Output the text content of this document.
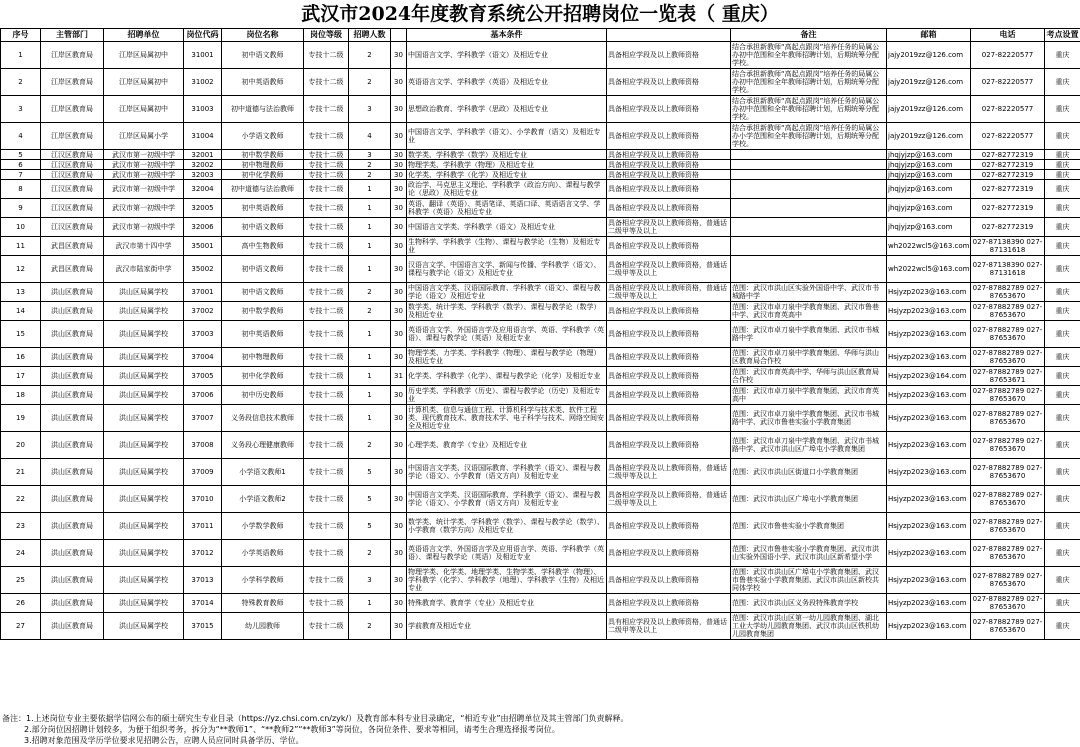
武汉市2024年度教育系统公开招聘岗位一览表（ 重庆）
序号	主管部门	招聘单位	岗位代码	岗位名称	岗位等级	招聘人数		基本条件		备注	邮箱	电话	考点设置
1	江岸区教育局	江岸区局属初中	31001	初中语文教师	专技十二级	2	30	中国语言文学、学科教学（语文）及相近专业	具备相应学段及以上教师资格	结合承担新教师“高起点跟岗”培养任务的局属公办初中范围和全年教师招聘计划，后期统筹分配学校。	jajy2019zz@126.com	027-82220577	重庆
2	江岸区教育局	江岸区局属初中	31002	初中英语教师	专技十二级	2	30	英语语言文学、学科教学（英语）及相近专业	具备相应学段及以上教师资格	结合承担新教师“高起点跟岗”培养任务的局属公办初中范围和全年教师招聘计划，后期统筹分配学校。	jajy2019zz@126.com	027-82220577	重庆
3	江岸区教育局	江岸区局属初中	31003	初中道德与法治教师	专技十二级	3	30	思想政治教育、学科教学（思政）及相近专业	具备相应学段及以上教师资格	结合承担新教师“高起点跟岗”培养任务的局属公办初中范围和全年教师招聘计划，后期统筹分配学校。	jajy2019zz@126.com	027-82220577	重庆
4	江岸区教育局	江岸区局属小学	31004	小学语文教师	专技十二级	4	30	中国语言文学、学科教学（语文）、小学教育（语文）及相近专业	具备相应学段及以上教师资格	结合承担新教师“高起点跟岗”培养任务的局属公办小学范围和全年教师招聘计划，后期统筹分配学校。	jajy2019zz@126.com	027-82220577	重庆
5	江汉区教育局	武汉市第一初级中学	32001	初中数学教师	专技十二级	3	30	数学类、学科教学（数学）及相近专业	具备相应学段及以上教师资格		jhqjyjzp@163.com	027-82772319	重庆
6	江汉区教育局	武汉市第一初级中学	32002	初中物理教师	专技十二级	2	30	物理学类、学科教学（物理）及相近专业	具备相应学段及以上教师资格		jhqjyjzp@163.com	027-82772319	重庆
7	江汉区教育局	武汉市第一初级中学	32003	初中化学教师	专技十二级	2	30	化学类、学科教学（化学）及相近专业	具备相应学段及以上教师资格		jhqjyjzp@163.com	027-82772319	重庆
8	江汉区教育局	武汉市第一初级中学	32004	初中道德与法治教师	专技十二级	1	30	政治学、马克思主义理论、学科教学（政治方向）、课程与教学论（思政）及相近专业	具备相应学段及以上教师资格		jhqjyjzp@163.com	027-82772319	重庆
9	江汉区教育局	武汉市第一初级中学	32005	初中英语教师	专技十二级	1	30	英语、翻译（英语）、英语笔译、英语口译、英语语言文学、学科教学（英语）及相近专业	具备相应学段及以上教师资格		jhqjyjzp@163.com	027-82772319	重庆
10	江汉区教育局	武汉市第一初级中学	32006	初中语文教师	专技十二级	1	30	中国语言文学类、学科教学（语文）及相近专业	具备相应学段及以上教师资格，普通话二级甲等及以上		jhqjyjzp@163.com	027-82772319	重庆
11	武昌区教育局	武汉市第十四中学	35001	高中生物教师	专技十二级	1	30	生物科学、学科教学（生物）、课程与教学论（生物）及相近专业	具备相应学段及以上教师资格		wh2022wcl5@163.com	027-87138390 027-87131618	重庆
12	武昌区教育局	武汉市陆家街中学	35002	初中语文教师	专技十二级	1	30	汉语言文学、中国语言文学、新闻与传播、学科教学（语文）、课程与教学论（语文）及相近专业	具备相应学段及以上教师资格，普通话二级甲等及以上		wh2022wcl5@163.com	027-87138390 027-87131618	重庆
13	洪山区教育局	洪山区局属学校	37001	初中语文教师	专技十二级	2	30	中国语言文学类、汉语国际教育、学科教学（语文）、课程与教学论（语文）及相近专业	具备相应学段及以上教师资格，普通话二级甲等及以上	范围：武汉市洪山区实验外国语中学、武汉市书城路中学	Hsjyzp2023@163.com	027-87882789 027-87653670	重庆
14	洪山区教育局	洪山区局属学校	37002	初中数学教师	专技十二级	2	30	数学类、统计学类、学科教学（数学）、课程与教学论（数学）及相近专业	具备相应学段及以上教师资格	范围：武汉市卓刀泉中学教育集团、武汉市鲁巷中学、武汉市育英高中	Hsjyzp2023@163.com	027-87882789 027-87653670	重庆
15	洪山区教育局	洪山区局属学校	37003	初中英语教师	专技十二级	1	30	英语语言文学、外国语言学及应用语言学、英语、学科教学（英语）、课程与教学论（英语）及相近专业	具备相应学段及以上教师资格	范围：武汉市卓刀泉中学教育集团、武汉市书城路中学	Hsjyzp2023@163.com	027-87882789 027-87653670	重庆
16	洪山区教育局	洪山区局属学校	37004	初中物理教师	专技十二级	1	30	物理学类、力学类、学科教学（物理）、课程与教学论（物理）及相近专业	具备相应学段及以上教师资格	范围：武汉市卓刀泉中学教育集团、华师与洪山区教育局合作校	Hsjyzp2023@163.com	027-87882789 027-87653670	重庆
17	洪山区教育局	洪山区局属学校	37005	初中化学教师	专技十二级	1	31	化学类、学科教学（化学）、课程与教学论（化学）及相近专业	具备相应学段及以上教师资格	范围：武汉市育英高中学、华师与洪山区教育局合作校	Hsjyzp2023@164.com	027-87882789 027-87653671	重庆
18	洪山区教育局	洪山区局属学校	37006	初中历史教师	专技十二级	1	30	历史学类、学科教学（历史）、课程与教学论（历史）及相近专业	具备相应学段及以上教师资格	范围：武汉市卓刀泉中学教育集团、武汉市育英高中	Hsjyzp2023@163.com	027-87882789 027-87653670	重庆
19	洪山区教育局	洪山区局属学校	37007	义务段信息技术教师	专技十二级	1	30	计算机类、信息与通信工程、计算机科学与技术类、软件工程类、现代教育技术、教育技术学、电子科学与技术、网络空间安全及相近专业	具备相应学段及以上教师资格	范围：武汉市卓刀泉中学教育集团、武汉市书城路中学、武汉市鲁巷实验小学教育集团	Hsjyzp2023@163.com	027-87882789 027-87653670	重庆
20	洪山区教育局	洪山区局属学校	37008	义务段心理健康教师	专技十二级	2	30	心理学类、教育学（专业）及相近专业	具备相应学段及以上教师资格	范围：武汉市卓刀泉中学教育集团、武汉市书城路中学、武汉市洪山区广埠屯小学教育集团	Hsjyzp2023@163.com	027-87882789 027-87653670	重庆
21	洪山区教育局	洪山区局属学校	37009	小学语文教师1	专技十二级	5	30	中国语言文学类、汉语国际教育、学科教学（语文）、课程与教学论（语文）、小学教育（语文方向）及相近专业	具备相应学段及以上教师资格，普通话二级甲等及以上	范围：武汉市洪山区街道口小学教育集团	Hsjyzp2023@163.com	027-87882789 027-87653670	重庆
22	洪山区教育局	洪山区局属学校	37010	小学语文教师2	专技十二级	5	30	中国语言文学类、汉语国际教育、学科教学（语文）、课程与教学论（语文）、小学教育（语文方向）及相近专业	具备相应学段及以上教师资格，普通话二级甲等及以上	范围：武汉市洪山区广埠屯小学教育集团	Hsjyzp2023@163.com	027-87882789 027-87653670	重庆
23	洪山区教育局	洪山区局属学校	37011	小学数学教师	专技十二级	5	30	数学类、统计学类、学科教学（数学）、课程与教学论（数学）、小学教育（数学方向）及相近专业	具备相应学段及以上教师资格	范围：武汉市鲁巷实验小学教育集团	Hsjyzp2023@163.com	027-87882789 027-87653670	重庆
24	洪山区教育局	洪山区局属学校	37012	小学英语教师	专技十二级	2	30	英语语言文学、外国语言学及应用语言学、英语、学科教学（英语）、课程与教学论（英语）及相近专业	具备相应学段及以上教师资格	范围：武汉市鲁巷实验小学教育集团、武汉市洪山实验外国语小学、武汉市洪山区新希望小学	Hsjyzp2023@163.com	027-87882789 027-87653670	重庆
25	洪山区教育局	洪山区局属学校	37013	小学科学教师	专技十二级	3	30	物理学类、化学类、地理学类、生物学类、学科教学（物理）、学科教学（化学）、学科教学（地理）、学科教学（生物）及相近专业	具备相应学段及以上教师资格	范围：武汉市洪山区广埠屯小学教育集团、武汉市鲁巷实验小学教育集团、武汉市洪山区新校共同体学校	Hsjyzp2023@163.com	027-87882789 027-87653670	重庆
26	洪山区教育局	洪山区局属学校	37014	特殊教育教师	专技十二级	1	30	特殊教育学、教育学（专业）及相近专业	具备相应学段及以上教师资格	范围：武汉市洪山区义务段特殊教育学校	Hsjyzp2023@163.com	027-87882789 027-87653670	重庆
27	洪山区教育局	洪山区局属学校	37015	幼儿园教师	专技十二级	2	30	学前教育及相近专业	具有相应学段及以上教师资格，普通话二级甲等及以上	范围：武汉市洪山区第一幼儿园教育集团、湖北工业大学幼儿园教育集团、武汉市洪山区铁机幼儿园教育集团	Hsjyzp2023@163.com	027-87882789 027-87653670	重庆
备注：1.上述岗位专业主要依据学信网公布的硕士研究生专业目录（https://yz.chsi.com.cn/zyk/）及教育部本科专业目录确定，“相近专业”由招聘单位及其主管部门负责解释。
2.部分岗位因招聘计划较多，为便于组织考务，拆分为“**教师1”、“**教师2”“**教师3”等岗位，各岗位条件、要求等相同，请考生合理选择报考岗位。
3.招聘对象范围及学历学位要求见招聘公告，应聘人员应同时具备学历、学位。
